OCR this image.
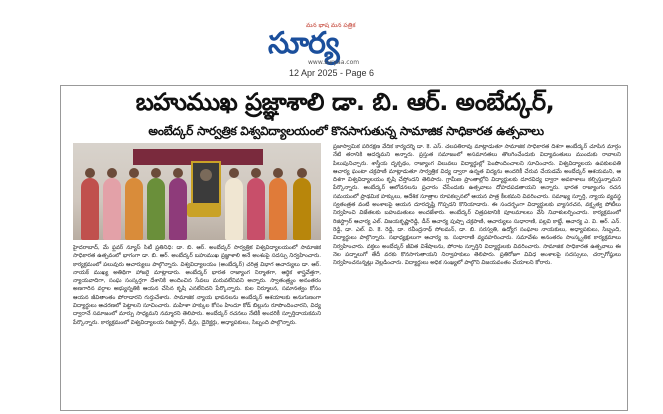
మన భాష మన పత్రిక
సూర్య
www.suryaa.com
12 Apr 2025 - Page 6
బహుముఖ ప్రజ్ఞాశాలి డా. బి. ఆర్. అంబేద్కర్,
అంబేద్కర్ సార్వత్రిక విశ్వవిద్యాలయంలో కొనసాగుతున్న సామాజిక సాధికారత ఉత్సవాలు

హైదరాబాద్, మే ఫ్లవర్ న్యూస్ సిటీ ప్రతినిధి: డా. బి. ఆర్. అంబేద్కర్ సార్వత్రిక విశ్వవిద్యాలయంలో సామాజిక సాధికారత ఉత్సవంలో భాగంగా డా. బి. ఆర్. అంబేద్కర్ బహుముఖ ప్రజ్ఞాశాలి అనే అంశంపై సదస్సు నిర్వహించారు. కార్యక్రమంలో పలువురు ఆచార్యులు పాల్గొన్నారు. విశ్వవిద్యాలయం (అంబేద్కర్) చరిత్ర విభాగ ఆచార్యులు డా. ఆర్. నాయక్ ముఖ్య అతిథిగా హాజరై మాట్లాడారు. అంబేద్కర్ భారత రాజ్యాంగ నిర్మాతగా, ఆర్థిక శాస్త్రవేత్తగా, న్యాయవాదిగా, సంఘ సంస్కర్తగా దేశానికి అందించిన సేవలు మరువలేనివని అన్నారు. స్వాతంత్ర్యం అనంతరం అణగారిన వర్గాల అభ్యున్నతికి ఆయన చేసిన కృషి ఎనలేనిదని పేర్కొన్నారు. కుల నిర్మూలన, సమానత్వం కోసం ఆయన జీవితాంతం పోరాడారని గుర్తుచేశారు. సామాజిక న్యాయ భావనలను అంబేద్కర్ ఆశయాలకు అనుగుణంగా విద్యార్థులు ఆచరణలో పెట్టాలని సూచించారు. మహిళా హక్కుల కోసం హిందూ కోడ్ బిల్లును రూపొందించారని, విద్య ద్వారానే సమాజంలో మార్పు సాధ్యమని నమ్మారని తెలిపారు. అంబేద్కర్ రచనలు నేటికీ అందరికీ స్ఫూర్తిదాయకమని పేర్కొన్నారు. కార్యక్రమంలో విశ్వవిద్యాలయ రిజిస్ట్రార్, డీన్లు, డైరెక్టర్లు, అధ్యాపకులు, సిబ్బంది పాల్గొన్నారు.

ప్రజాస్వామిక పరిరక్షణ వేదిక కార్యదర్శి డా. కె. ఎస్. చలపతిరావు మాట్లాడుతూ సామాజిక సాధికారత దిశగా అంబేద్కర్ చూపిన మార్గం నేటి తరానికి ఆదర్శమని అన్నారు. ప్రస్తుత సమాజంలో అసమానతలు తొలగించేందుకు విద్యావంతులు ముందుకు రావాలని పిలుపునిచ్చారు. శాస్త్రీయ దృక్పథం, రాజ్యాంగ విలువలు విద్యార్థుల్లో పెంపొందించాలని సూచించారు. విశ్వవిద్యాలయ ఉపకులపతి ఆచార్య ఘంటా చక్రపాణి మాట్లాడుతూ సార్వత్రిక విద్య ద్వారా ఉన్నత విద్యను అందరికీ చేరువ చేయడమే అంబేద్కర్ ఆశయమని, ఆ దిశగా విశ్వవిద్యాలయం కృషి చేస్తోందని తెలిపారు. గ్రామీణ ప్రాంతాల్లోని విద్యార్థులకు దూరవిద్య ద్వారా అవకాశాలు కల్పిస్తున్నామని పేర్కొన్నారు. అంబేద్కర్ ఆలోచనలను ప్రచారం చేసేందుకు ఉత్సవాలు దోహదపడతాయని అన్నారు. భారత రాజ్యాంగం రచన సమయంలో ప్రాథమిక హక్కులు, ఆదేశిక సూత్రాల రూపకల్పనలో ఆయన పాత్ర కీలకమని వివరించారు. సమాఖ్య స్ఫూర్తి, న్యాయ వ్యవస్థ స్వతంత్రత వంటి అంశాలపై ఆయన దూరదృష్టి గొప్పదని కొనియాడారు. ఈ సందర్భంగా విద్యార్థులకు వ్యాసరచన, వక్తృత్వ పోటీలు నిర్వహించి విజేతలకు బహుమతులు అందజేశారు. అంబేద్కర్ చిత్రపటానికి పూలమాలలు వేసి నివాళులర్పించారు. కార్యక్రమంలో రిజిస్ట్రార్ ఆచార్య ఎల్. విజయకృష్ణారెడ్డి, డీన్ ఆచార్య పుష్పా చక్రపాణి, ఆచార్యులు సుధారాణి, పల్లవి కాబ్డే, ఆచార్య ఎ. వి. ఆర్. ఎన్. రెడ్డి, డా. ఎల్. వి. కె. రెడ్డి, డా. రవీంద్రనాథ్ సోలమన్, డా. బి. సరస్వతి, ఉద్యోగ సంఘాల నాయకులు, అధ్యాపకులు, సిబ్బంది, విద్యార్థులు పాల్గొన్నారు. సభాధ్యక్షులుగా ఆచార్య ఇ. సుధారాణి వ్యవహరించారు. సమావేశం అనంతరం సాంస్కృతిక కార్యక్రమాలు నిర్వహించారు. వక్తలు అంబేద్కర్ జీవిత విశేషాలను, పోరాట స్ఫూర్తిని విద్యార్థులకు వివరించారు. సామాజిక సాధికారత ఉత్సవాలు ఈ నెల పద్నాలుగో తేదీ వరకు కొనసాగుతాయని నిర్వాహకులు తెలిపారు. ప్రతిరోజూ వివిధ అంశాలపై సదస్సులు, చర్చాగోష్ఠులు నిర్వహించనున్నట్లు వెల్లడించారు. విద్యార్థులు అధిక సంఖ్యలో పాల్గొని విజయవంతం చేయాలని కోరారు.
